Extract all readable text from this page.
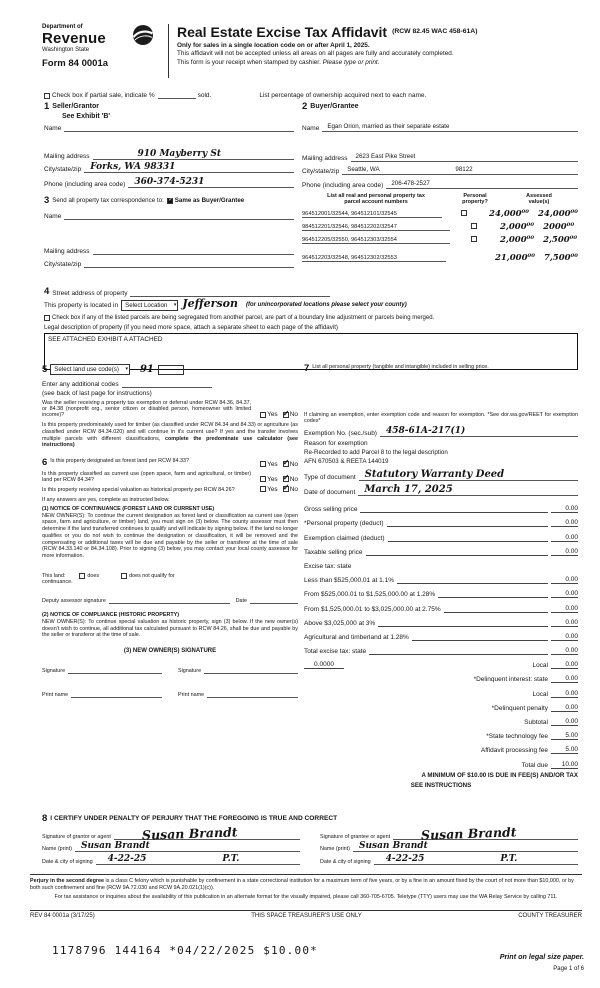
Department of
Revenue
Washington State
Form 84 0001a
Real Estate Excise Tax Affidavit (RCW 82.45 WAC 458-61A)
Only for sales in a single location code on or after April 1, 2025.
This affidavit will not be accepted unless all areas on all pages are fully and accurately completed.
This form is your receipt when stamped by cashier. Please type or print.
Check box if partial sale, indicate %	sold.	List percentage of ownership acquired next to each name.
1 Seller/Grantor
See Exhibit 'B'
Name
Mailing address	910 Mayberry St
City/state/zip Forks, WA 98331
Phone (including area code) 360-374-5231
2 Buyer/Grantee
Name Egan Orion, married as their separate estate
Mailing address 2623 East Pike Street
City/state/zip Seattle, WA	98122
Phone (including area code) 206-478-2527
3 Send all property tax correspondence to: ✓ Same as Buyer/Grantee
Name
Mailing address
City/state/zip
List all real and personal property tax
parcel account numbers
Personal
property?
Assessed
value(s)
964512001/32544, 964512101/32545	24,000⁰⁰ 24,000⁰⁰
984512201/32546, 984512202/32547	2,000⁰⁰ 2000⁰⁰
964512205/32550, 964512303/32554	2,000⁰⁰ 2,500⁰⁰
964512203/32548, 964512302/32553	21,000⁰⁰ 7,500⁰⁰
4 Street address of property
This property is located in	Select Location ▾	Jefferson (for unincorporated locations please select your county)
Check box if any of the listed parcels are being segregated from another parcel, are part of a boundary line adjustment or parcels being merged.
Legal description of property (if you need more space, attach a separate sheet to each page of the affidavit)
SEE ATTACHED EXHIBIT A ATTACHED
5	Select land use code(s) ▾	91
Enter any additional codes
(see back of last page for instructions)
Was the seller receiving a property tax exemption or deferral under RCW 84.36, 84.37, or 84.38 (nonprofit org., senior citizen or disabled person, homeowner with limited income)?	Yes ✓ No
Is this property predominately used for timber (as classified under RCW 84.34 and 84.33) or agriculture (as classified under RCW 84.34.020) and will continue in it's current use? If yes and the transfer involves multiple parcels with different classifications, complete the predominate use calculator (see instructions)
6 Is this property designated as forest land per RCW 84.33?	Yes ✓ No
Is this property classified as current use (open space, farm and agricultural, or timber) land per RCW 84.34?	Yes ✓ No
Is this property receiving special valuation as historical property per RCW 84.26?	Yes ✓ No
If any answers are yes, complete as instructed below.
(1) NOTICE OF CONTINUANCE (FOREST LAND OR CURRENT USE)
NEW OWNER(S): To continue the current designation as forest land or classification as current use (open space, farm and agriculture, or timber) land, you must sign on (3) below. The county assessor must then determine if the land transferred continues to qualify and will indicate by signing below. If the land no longer qualifies or you do not wish to continue the designation or classification, it will be removed and the compensating or additional taxes will be due and payable by the seller or transferor at the time of sale (RCW 84.33.140 or 84.34.108). Prior to signing (3) below, you may contact your local county assessor for more information.
This land:	does	does not qualify for
continuance.
Deputy assessor signature	Date
(2) NOTICE OF COMPLIANCE (HISTORIC PROPERTY)
NEW OWNER(S): To continue special valuation as historic property, sign (3) below. If the new owner(s) doesn't wish to continue, all additional tax calculated pursuant to RCW 84.26, shall be due and payable by the seller or transferor at the time of sale.
(3) NEW OWNER(S) SIGNATURE
Signature	Signature
Print name	Print name
7 List all personal property (tangible and intangible) included in selling price.
If claiming an exemption, enter exemption code and reason for exemption. *See dor.wa.gov/REET for exemption codes*
Exemption No. (sec./sub) 458-61A-217(1)
Reason for exemption
Re-Recorded to add Parcel 8 to the legal description
AFN 670503 & REETA 144019
Type of document Statutory Warranty Deed
Date of document March 17, 2025
Gross selling price	0.00
*Personal property (deduct)	0.00
Exemption claimed (deduct)	0.00
Taxable selling price	0.00
Excise tax: state
Less than $525,000.01 at 1.1%	0.00
From $525,000.01 to $1,525,000.00 at 1.28%	0.00
From $1,525,000.01 to $3,025,000.00 at 2.75%	0.00
Above $3,025,000 at 3%	0.00
Agricultural and timberland at 1.28%	0.00
Total excise tax: state	0.00
0.0000	Local	0.00
*Delinquent interest: state	0.00
Local	0.00
*Delinquent penalty	0.00
Subtotal	0.00
*State technology fee	5.00
Affidavit processing fee	5.00
Total due	10.00
A MINIMUM OF $10.00 IS DUE IN FEE(S) AND/OR TAX
SEE INSTRUCTIONS
8 I CERTIFY UNDER PENALTY OF PERJURY THAT THE FOREGOING IS TRUE AND CORRECT
Signature of grantor or agent Susan Brandt
Name (print) Susan Brandt
Date & city of signing 4-22-25	P.T.
Signature of grantee or agent Susan Brandt
Name (print) Susan Brandt
Date & city of signing 4-22-25	P.T.
Perjury in the second degree is a class C felony which is punishable by confinement in a state correctional institution for a maximum term of five years, or by a fine in an amount fixed by the court of not more than $10,000, or by both such confinement and fine (RCW 9A.72.030 and RCW 9A.20.021(1)(c)).
For tax assistance or inquiries about the availability of this publication in an alternate format for the visually impaired, please call 360-705-6705. Teletype (TTY) users may use the WA Relay Service by calling 711.
REV 84 0001a (3/17/25)	THIS SPACE TREASURER'S USE ONLY	COUNTY TREASURER
1178796 144164 *04/22/2025 $10.00*	Print on legal size paper.
Page 1 of 6
